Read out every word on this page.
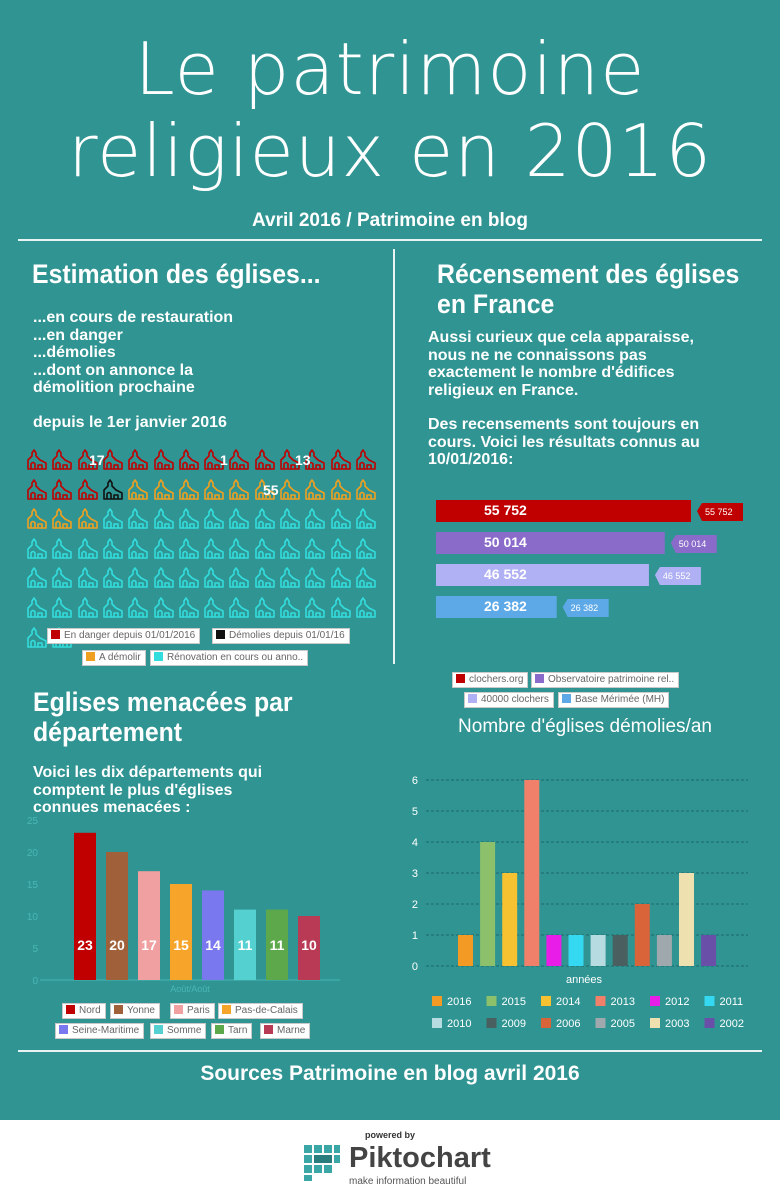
Le patrimoine
religieux en 2016
Avril 2016 / Patrimoine en blog
Estimation des églises...
...en cours de restauration
...en danger
...démolies
...dont on annonce la
démolition prochaine
depuis le 1er janvier 2016
17	1	13
55
En danger depuis 01/01/2016	Démolies depuis 01/01/16
A démolir	Rénovation en cours ou anno..
Récensement des églises
en France
Aussi curieux que cela apparaisse,
nous ne ne connaissons pas
exactement le nombre d'édifices
religieux en France.
Des recensements sont toujours en
cours. Voici les résultats connus au
10/01/2016:
55 752	55 752
50 014	50 014
46 552	46 552
26 382	26 382
clochers.org	Observatoire patrimoine rel..
40000 clochers	Base Mérimée (MH)
Eglises menacées par
département
Voici les dix départements qui
comptent le plus d'églises
connues menacées :
0
5
10
15
20
25
23 20 17 15 14 11 11 10
Août/Août
Nord	Yonne	Paris	Pas-de-Calais
Seine-Maritime	Somme	Tarn	Marne
Nombre d'églises démolies/an
0
1
2
3
4
5
6
années
2016	2015	2014	2013	2012	2011
2010	2009	2006	2005	2003	2002
Sources Patrimoine en blog avril 2016
powered by
Piktochart
make information beautiful
